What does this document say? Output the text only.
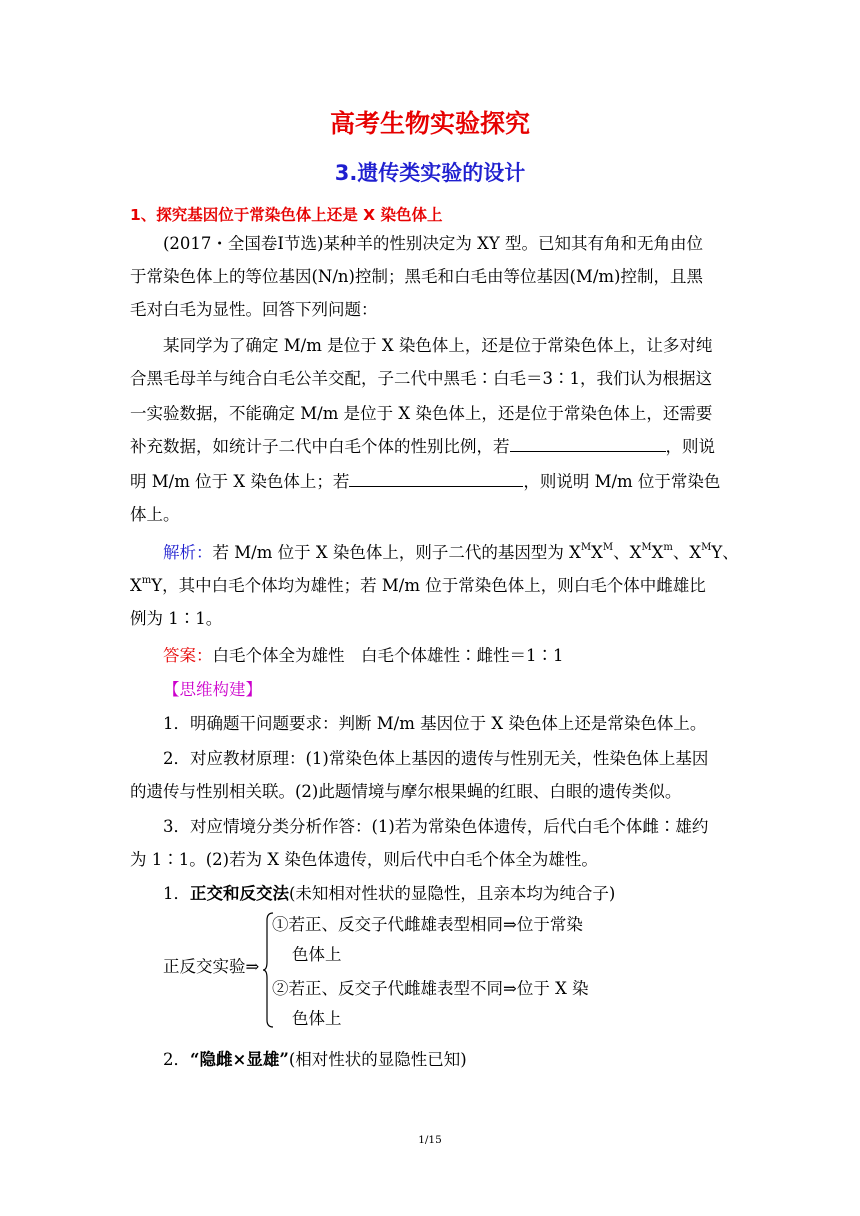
高考生物实验探究
3.遗传类实验的设计
1、探究基因位于常染色体上还是 X 染色体上
(2017・全国卷Ⅰ节选)某种羊的性别决定为 XY 型。已知其有角和无角由位
于常染色体上的等位基因(N/n)控制；黑毛和白毛由等位基因(M/m)控制，且黑
毛对白毛为显性。回答下列问题：
某同学为了确定 M/m 是位于 X 染色体上，还是位于常染色体上，让多对纯
合黑毛母羊与纯合白毛公羊交配，子二代中黑毛∶白毛＝3∶1，我们认为根据这
一实验数据，不能确定 M/m 是位于 X 染色体上，还是位于常染色体上，还需要
补充数据，如统计子二代中白毛个体的性别比例，若	，则说
明 M/m 位于 X 染色体上；若	，则说明 M/m 位于常染色
体上。
解析：若 M/m 位于 X 染色体上，则子二代的基因型为 $X^MX^M$、$X^MX^m$、$X^MY$、
$X^mY$，其中白毛个体均为雄性；若 M/m 位于常染色体上，则白毛个体中雌雄比
例为 1∶1。
答案：白毛个体全为雄性　白毛个体雄性∶雌性＝1∶1
【思维构建】
1．明确题干问题要求：判断 M/m 基因位于 X 染色体上还是常染色体上。
2．对应教材原理：(1)常染色体上基因的遗传与性别无关，性染色体上基因
的遗传与性别相关联。(2)此题情境与摩尔根果蝇的红眼、白眼的遗传类似。
3．对应情境分类分析作答：(1)若为常染色体遗传，后代白毛个体雌∶雄约
为 1∶1。(2)若为 X 染色体遗传，则后代中白毛个体全为雄性。
1．正交和反交法(未知相对性状的显隐性，且亲本均为纯合子)
正反交实验⇒
①若正、反交子代雌雄表型相同⇒位于常染
色体上
②若正、反交子代雌雄表型不同⇒位于 X 染
色体上
2．“隐雌×显雄”(相对性状的显隐性已知)
1/15
